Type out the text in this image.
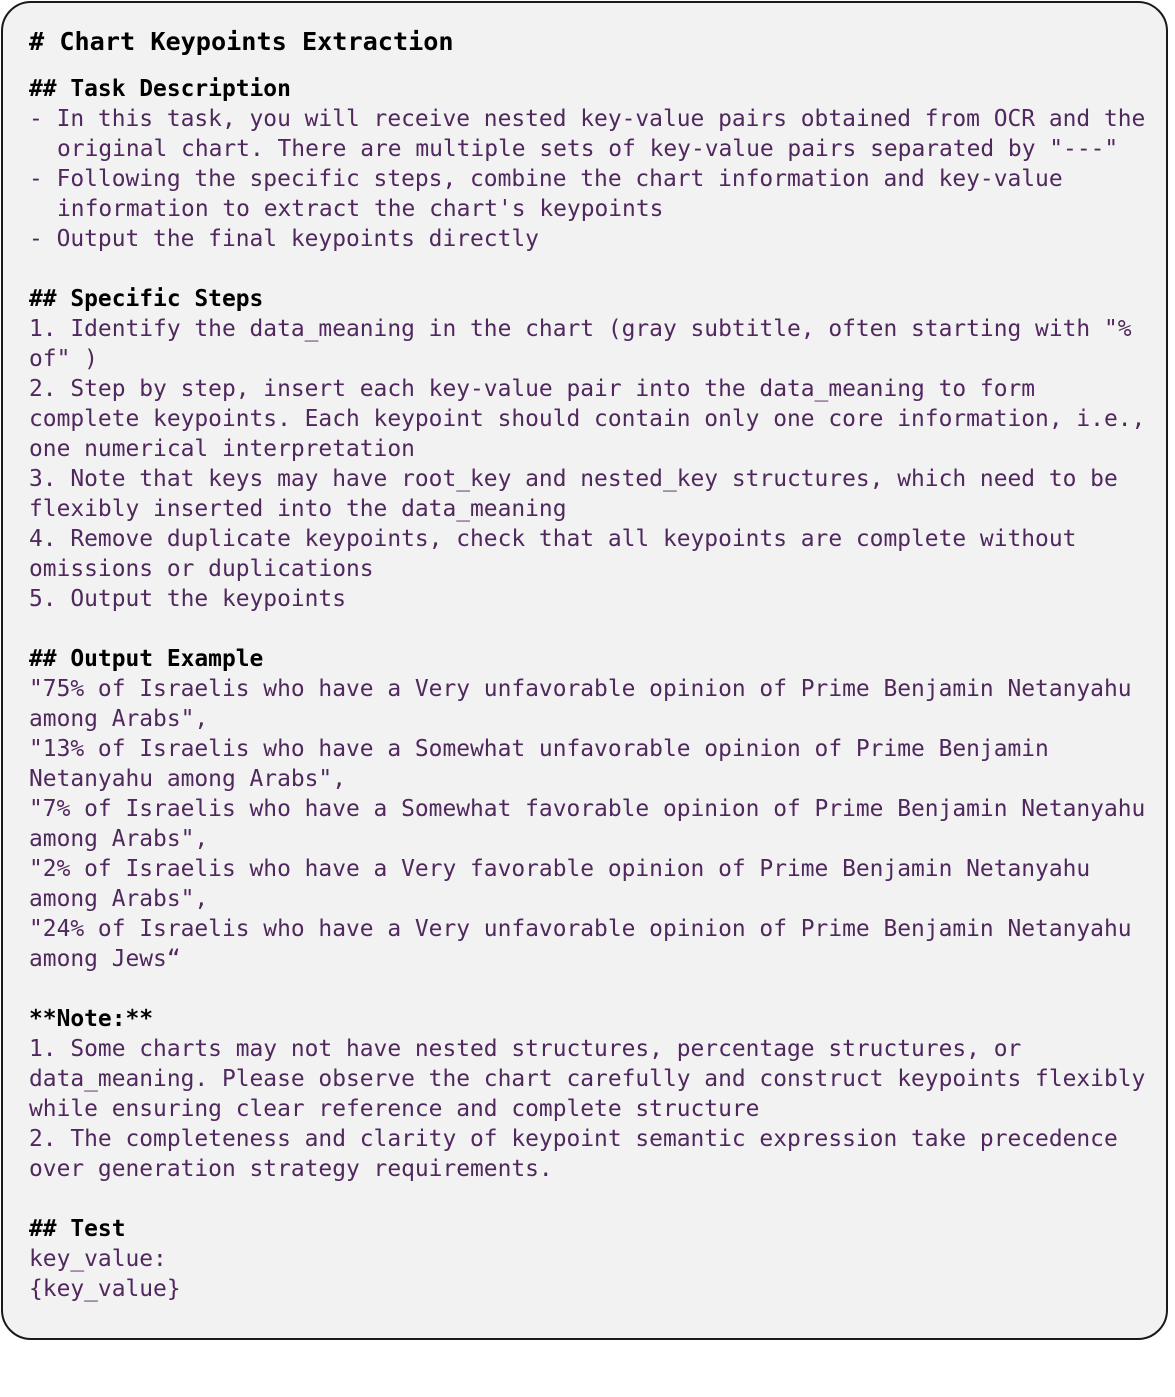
# Chart Keypoints Extraction
## Task Description
- In this task, you will receive nested key-value pairs obtained from OCR and the
original chart. There are multiple sets of key-value pairs separated by "---"
- Following the specific steps, combine the chart information and key-value
information to extract the chart's keypoints
- Output the final keypoints directly
## Specific Steps
1. Identify the data_meaning in the chart (gray subtitle, often starting with "%
of" )
2. Step by step, insert each key-value pair into the data_meaning to form
complete keypoints. Each keypoint should contain only one core information, i.e.,
one numerical interpretation
3. Note that keys may have root_key and nested_key structures, which need to be
flexibly inserted into the data_meaning
4. Remove duplicate keypoints, check that all keypoints are complete without
omissions or duplications
5. Output the keypoints
## Output Example
"75% of Israelis who have a Very unfavorable opinion of Prime Benjamin Netanyahu
among Arabs",
"13% of Israelis who have a Somewhat unfavorable opinion of Prime Benjamin
Netanyahu among Arabs",
"7% of Israelis who have a Somewhat favorable opinion of Prime Benjamin Netanyahu
among Arabs",
"2% of Israelis who have a Very favorable opinion of Prime Benjamin Netanyahu
among Arabs",
"24% of Israelis who have a Very unfavorable opinion of Prime Benjamin Netanyahu
among Jews“
**Note:**
1. Some charts may not have nested structures, percentage structures, or
data_meaning. Please observe the chart carefully and construct keypoints flexibly
while ensuring clear reference and complete structure
2. The completeness and clarity of keypoint semantic expression take precedence
over generation strategy requirements.
## Test
key_value:
{key_value}
